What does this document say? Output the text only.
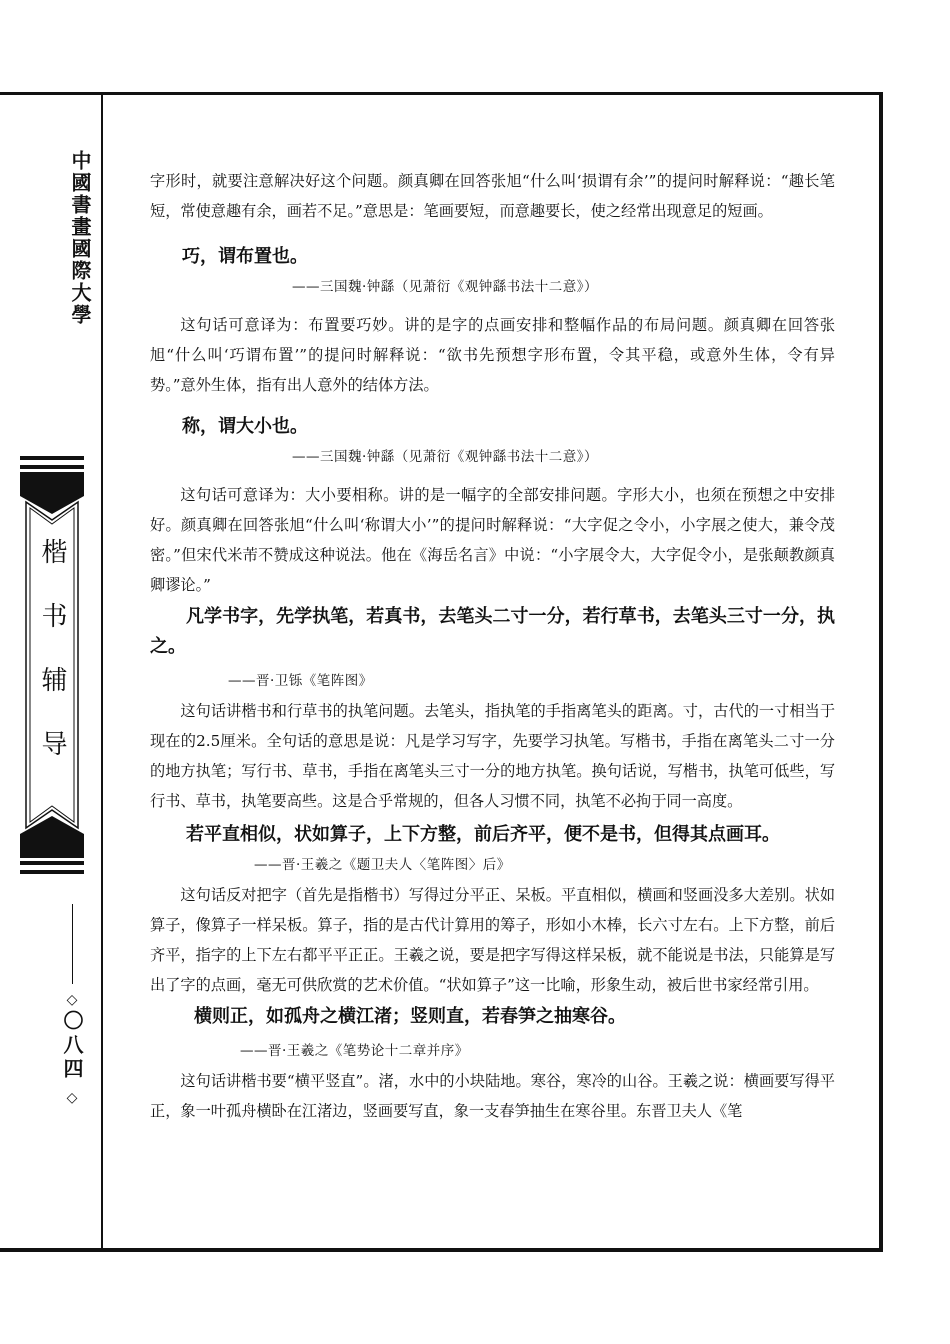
中國書畫國際大學
楷书辅导
◇
〇八四
◇

字形时，就要注意解决好这个问题。颜真卿在回答张旭“什么叫‘损谓有余’”的提问时解释说：“趣长笔短，常使意趣有余，画若不足。”意思是：笔画要短，而意趣要长，使之经常出现意足的短画。

巧，谓布置也。

——三国魏·钟繇（见萧衍《观钟繇书法十二意》）

这句话可意译为：布置要巧妙。讲的是字的点画安排和整幅作品的布局问题。颜真卿在回答张旭“什么叫‘巧谓布置’”的提问时解释说：“欲书先预想字形布置，令其平稳，或意外生体，令有异势。”意外生体，指有出人意外的结体方法。

称，谓大小也。

——三国魏·钟繇（见萧衍《观钟繇书法十二意》）

这句话可意译为：大小要相称。讲的是一幅字的全部安排问题。字形大小，也须在预想之中安排好。颜真卿在回答张旭“什么叫‘称谓大小’”的提问时解释说：“大字促之令小，小字展之使大，兼令茂密。”但宋代米芾不赞成这种说法。他在《海岳名言》中说：“小字展令大，大字促令小，是张颠教颜真卿谬论。”

凡学书字，先学执笔，若真书，去笔头二寸一分，若行草书，去笔头三寸一分，执之。

——晋·卫铄《笔阵图》

这句话讲楷书和行草书的执笔问题。去笔头，指执笔的手指离笔头的距离。寸，古代的一寸相当于现在的2.5厘米。全句话的意思是说：凡是学习写字，先要学习执笔。写楷书，手指在离笔头二寸一分的地方执笔；写行书、草书，手指在离笔头三寸一分的地方执笔。换句话说，写楷书，执笔可低些，写行书、草书，执笔要高些。这是合乎常规的，但各人习惯不同，执笔不必拘于同一高度。

若平直相似，状如算子，上下方整，前后齐平，便不是书，但得其点画耳。

——晋·王羲之《题卫夫人〈笔阵图〉后》

这句话反对把字（首先是指楷书）写得过分平正、呆板。平直相似，横画和竖画没多大差别。状如算子，像算子一样呆板。算子，指的是古代计算用的筹子，形如小木棒，长六寸左右。上下方整，前后齐平，指字的上下左右都平平正正。王羲之说，要是把字写得这样呆板，就不能说是书法，只能算是写出了字的点画，毫无可供欣赏的艺术价值。“状如算子”这一比喻，形象生动，被后世书家经常引用。

横则正，如孤舟之横江渚；竖则直，若春笋之抽寒谷。

——晋·王羲之《笔势论十二章并序》

这句话讲楷书要“横平竖直”。渚，水中的小块陆地。寒谷，寒冷的山谷。王羲之说：横画要写得平正，象一叶孤舟横卧在江渚边，竖画要写直，象一支春笋抽生在寒谷里。东晋卫夫人《笔
